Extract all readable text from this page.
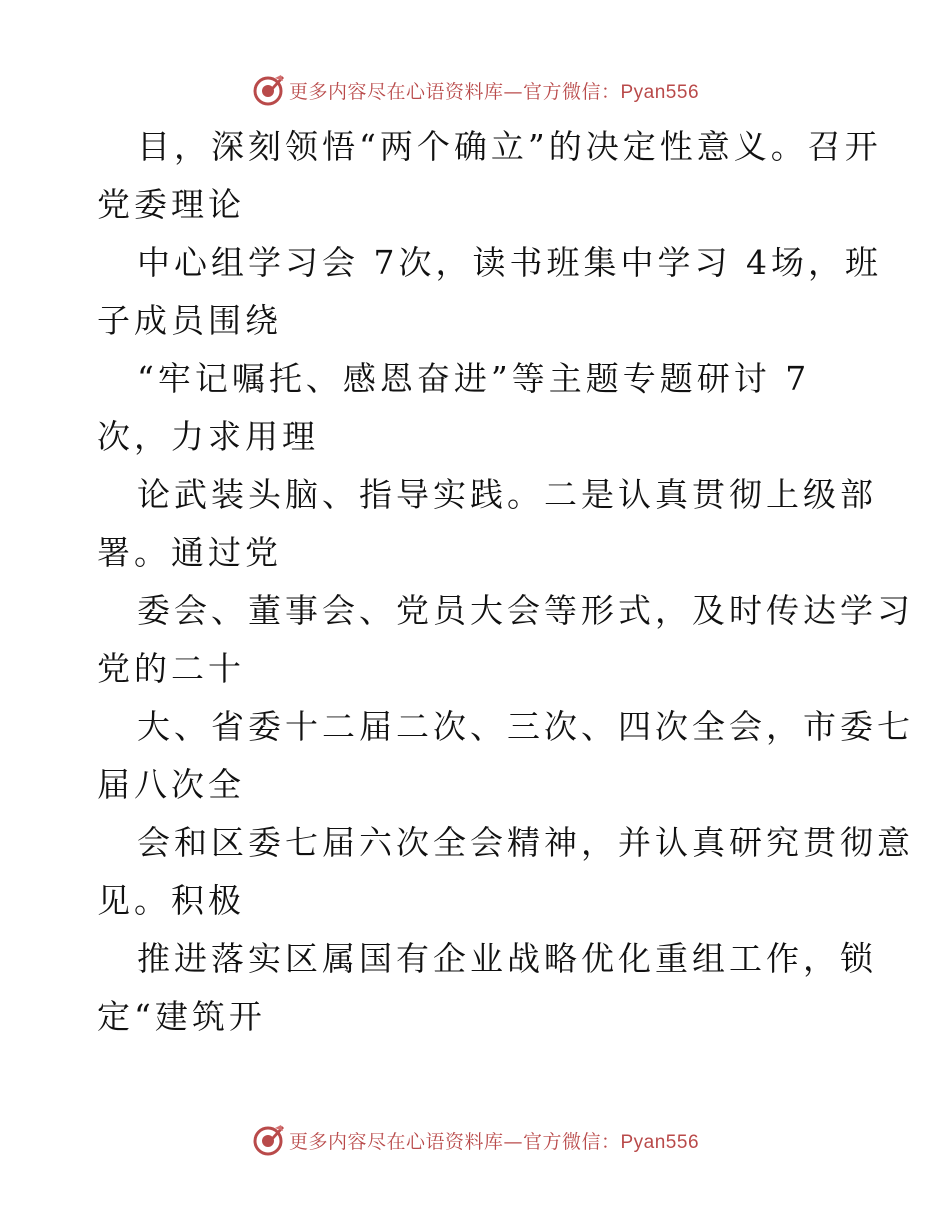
更多内容尽在心语资料库—官方微信：Pyan556

目，深刻领悟“两个确立”的决定性意义。召开
党委理论

中心组学习会 7次，读书班集中学习 4场，班
子成员围绕

“牢记嘱托、感恩奋进”等主题专题研讨 7
次，力求用理

论武装头脑、指导实践。二是认真贯彻上级部
署。通过党

委会、董事会、党员大会等形式，及时传达学习
党的二十

大、省委十二届二次、三次、四次全会，市委七
届八次全

会和区委七届六次全会精神，并认真研究贯彻意
见。积极

推进落实区属国有企业战略优化重组工作，锁
定“建筑开

更多内容尽在心语资料库—官方微信：Pyan556
